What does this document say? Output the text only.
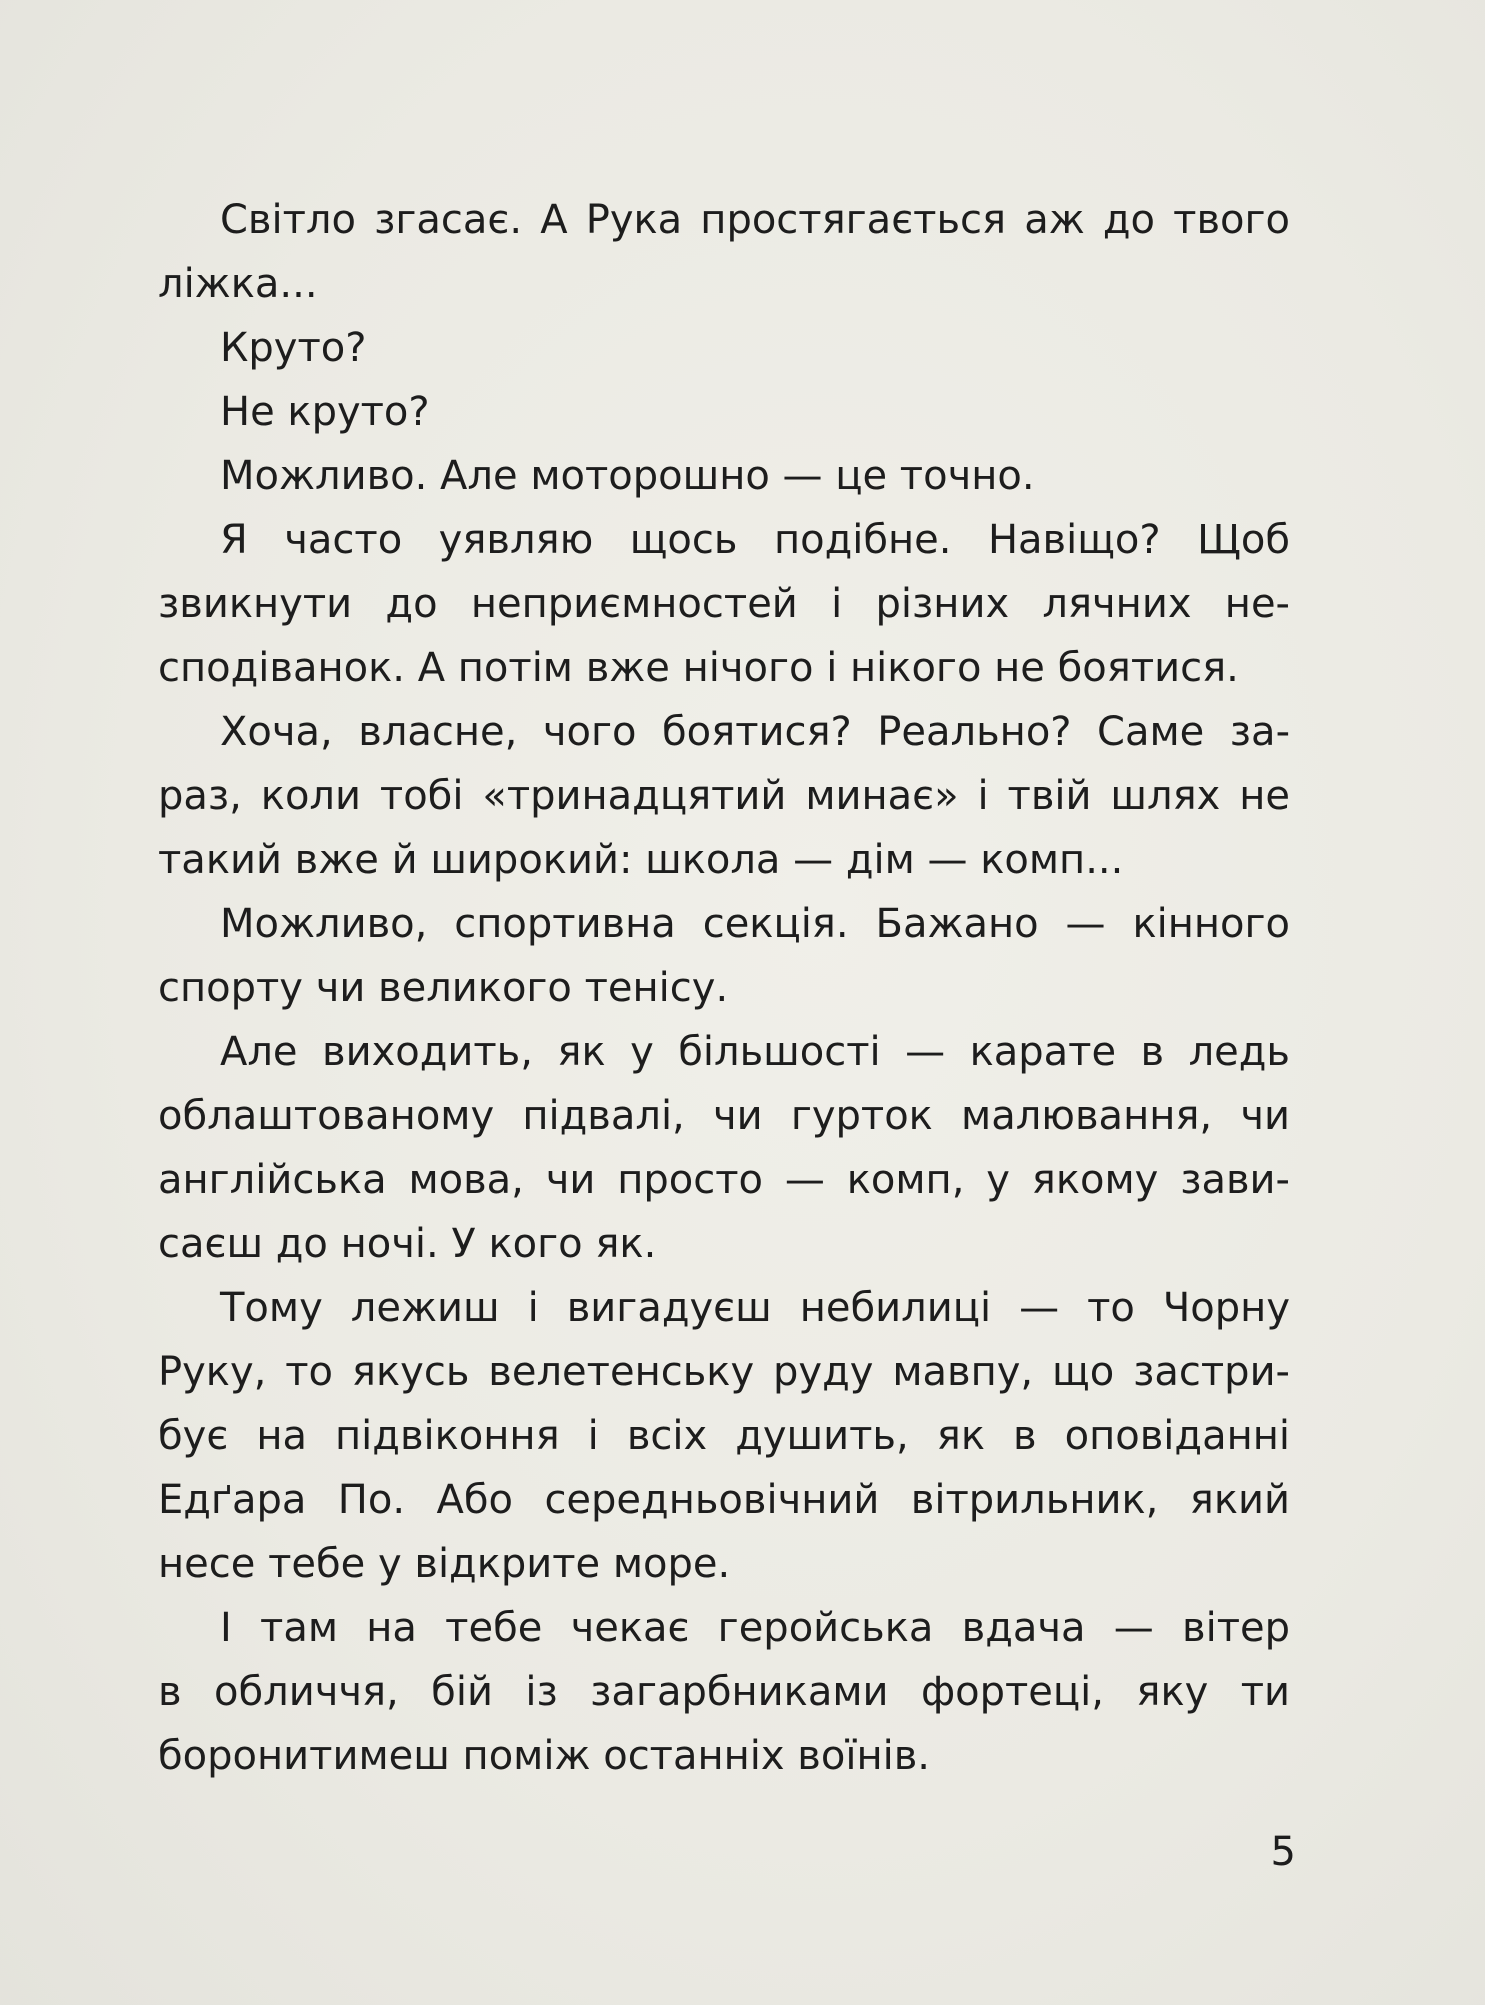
Світло згасає. А Рука простягається аж до твого
ліжка...
Круто?
Не круто?
Можливо. Але моторошно — це точно.
Я часто уявляю щось подібне. Навіщо? Щоб
звикнути до неприємностей і різних лячних не-
сподіванок. А потім вже нічого і нікого не боятися.
Хоча, власне, чого боятися? Реально? Саме за-
раз, коли тобі «тринадцятий минає» і твій шлях не
такий вже й широкий: школа — дім — комп...
Можливо, спортивна секція. Бажано — кінного
спорту чи великого тенісу.
Але виходить, як у більшості — карате в ледь
облаштованому підвалі, чи гурток малювання, чи
англійська мова, чи просто — комп, у якому зави-
саєш до ночі. У кого як.
Тому лежиш і вигадуєш небилиці — то Чорну
Руку, то якусь велетенську руду мавпу, що застри-
бує на підвіконня і всіх душить, як в оповіданні
Едґара По. Або середньовічний вітрильник, який
несе тебе у відкрите море.
І там на тебе чекає геройська вдача — вітер
в обличчя, бій із загарбниками фортеці, яку ти
боронитимеш поміж останніх воїнів.
5
